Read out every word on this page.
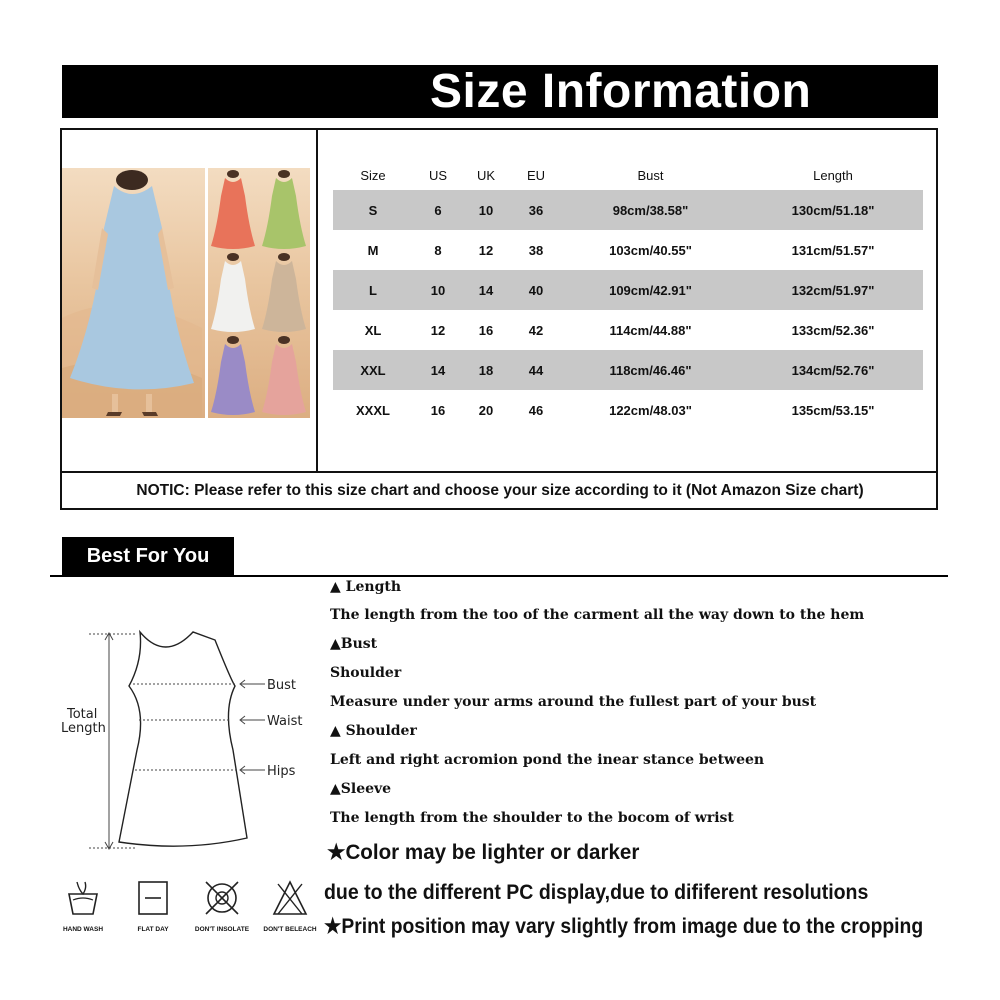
Size Information
Size	US	UK	EU	Bust	Length
S	6	10	36	98cm/38.58"	130cm/51.18"
M	8	12	38	103cm/40.55"	131cm/51.57"
L	10	14	40	109cm/42.91"	132cm/51.97"
XL	12	16	42	114cm/44.88"	133cm/52.36"
XXL	14	18	44	118cm/46.46"	134cm/52.76"
XXXL	16	20	46	122cm/48.03"	135cm/53.15"
NOTIC: Please refer to this size chart and choose your size according to it (Not Amazon Size chart)
Best For You
▲ Length
The length from the too of the carment all the way down to the hem
▲Bust
Shoulder
Measure under your arms around the fullest part of your bust
▲ Shoulder
Left and right acromion pond the inear stance between
▲Sleeve
The length from the shoulder to the bocom of wrist
★Color may be lighter or darker
due to the different PC display,due to dififerent resolutions
★Print position may vary slightly from image due to the cropping
Total
Length
Bust
Waist
Hips
HAND WASH	FLAT DAY	DON'T INSOLATE	DON'T BELEACH
